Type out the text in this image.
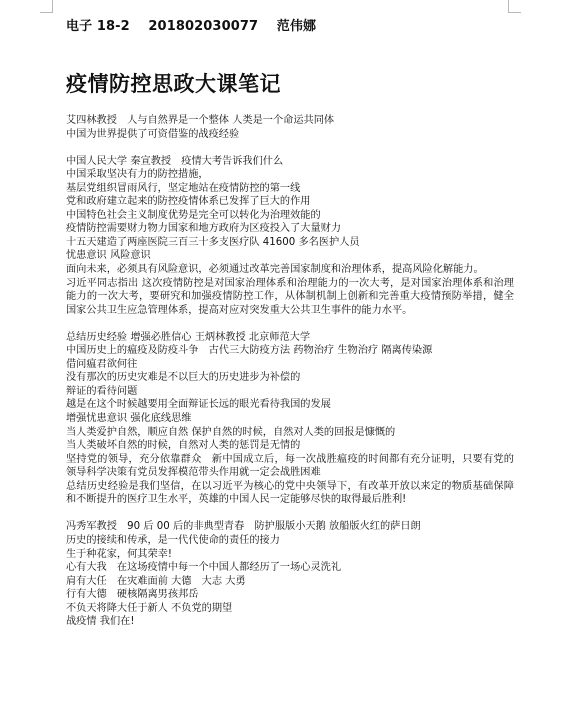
电子 18-2 201802030077 范伟娜
疫情防控思政大课笔记

艾四林教授　人与自然界是一个整体 人类是一个命运共同体

中国为世界提供了可资借鉴的战疫经验

中国人民大学 秦宣教授　疫情大考告诉我们什么

中国采取坚决有力的防控措施，

基层党组织冒雨风行，坚定地站在疫情防控的第一线

党和政府建立起来的防控疫情体系已发挥了巨大的作用

中国特色社会主义制度优势是完全可以转化为治理效能的

疫情防控需要财力物力国家和地方政府为区疫投入了大量财力

十五天建造了两座医院三百三十多支医疗队 41600 多名医护人员

忧患意识 风险意识

面向未来，必须具有风险意识，必须通过改革完善国家制度和治理体系，提高风险化解能力。

习近平同志指出 这次疫情防控是对国家治理体系和治理能力的一次大考，是对国家治理体系和治理能力的一次大考，要研究和加强疫情防控工作，从体制机制上创新和完善重大疫情预防举措，健全国家公共卫生应急管理体系，提高对应对突发重大公共卫生事件的能力水平。

总结历史经验 增强必胜信心 王炳林教授 北京师范大学

中国历史上的瘟疫及防疫斗争　古代三大防疫方法 药物治疗 生物治疗 隔离传染源

借问瘟君欲何往

没有那次的历史灾难是不以巨大的历史进步为补偿的

辩证的看待问题

越是在这个时候越要用全面辩证长远的眼光看待我国的发展

增强忧患意识 强化底线思维

当人类爱护自然，顺应自然 保护自然的时候，自然对人类的回报是慷慨的

当人类破坏自然的时候，自然对人类的惩罚是无情的

坚持党的领导，充分依靠群众　新中国成立后，每一次战胜瘟疫的时间都有充分证明，只要有党的领导科学决策有党员发挥模范带头作用就一定会战胜困难

总结历史经验是我们坚信，在以习近平为核心的党中央领导下，有改革开放以来定的物质基础保障和不断提升的医疗卫生水平，英雄的中国人民一定能够尽快的取得最后胜利!

冯秀军教授　90 后 00 后的非典型青春　防护服版小天鹅 放船版火红的萨日朗

历史的接续和传承，是一代代使命的责任的接力

生于种花家，何其荣幸!

心有大我　在这场疫情中每一个中国人都经历了一场心灵洗礼

肩有大任　在灾难面前 大德　大志 大勇

行有大德　硬核隔离男孩邦岳

不负天将降大任于新人 不负党的期望

战疫情 我们在!
